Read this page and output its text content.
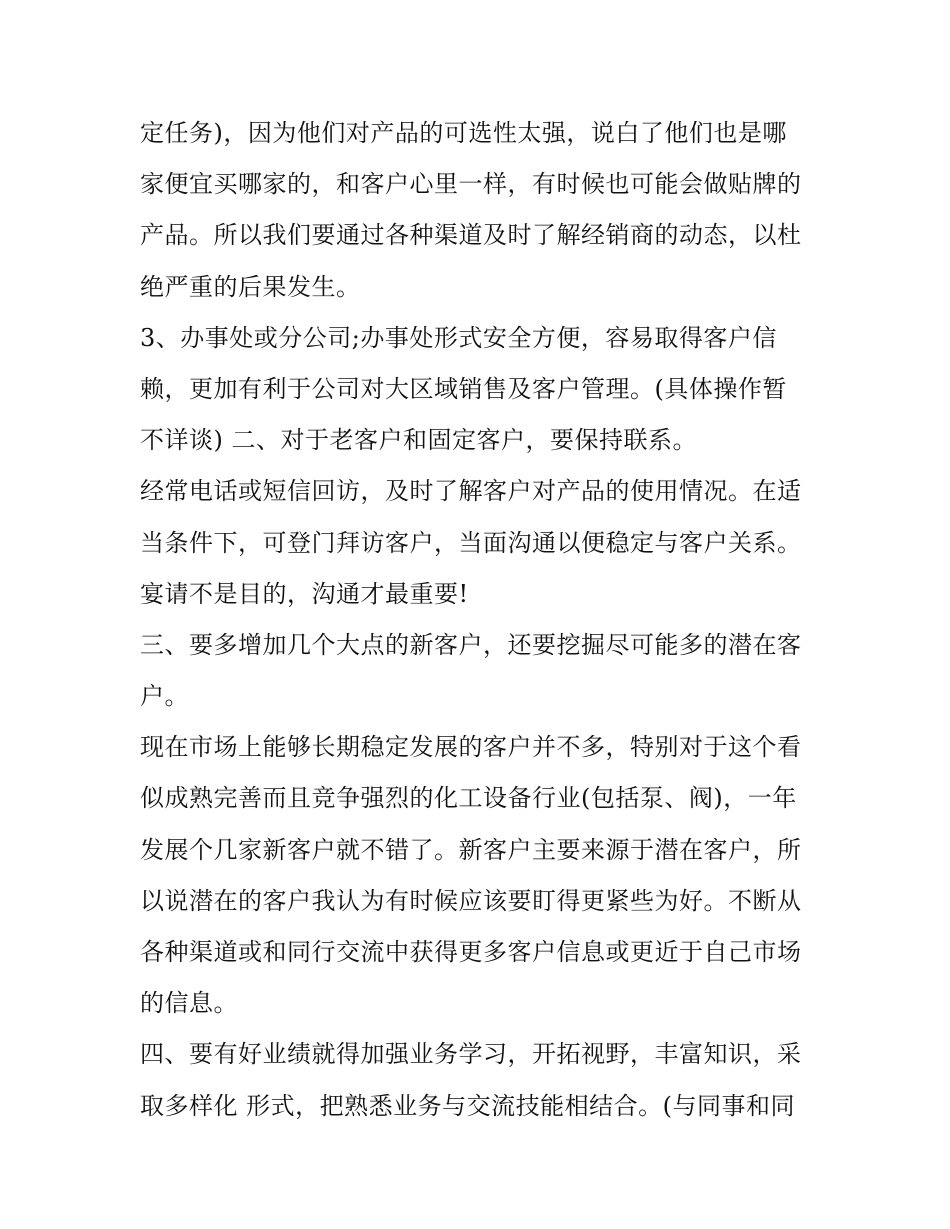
定任务)，因为他们对产品的可选性太强，说白了他们也是哪
家便宜买哪家的，和客户心里一样，有时候也可能会做贴牌的
产品。所以我们要通过各种渠道及时了解经销商的动态，以杜
绝严重的后果发生。
3、办事处或分公司;办事处形式安全方便，容易取得客户信
赖，更加有利于公司对大区域销售及客户管理。(具体操作暂
不详谈) 二、对于老客户和固定客户，要保持联系。
经常电话或短信回访，及时了解客户对产品的使用情况。在适
当条件下，可登门拜访客户，当面沟通以便稳定与客户关系。
宴请不是目的，沟通才最重要!
三、要多增加几个大点的新客户，还要挖掘尽可能多的潜在客
户。
现在市场上能够长期稳定发展的客户并不多，特别对于这个看
似成熟完善而且竞争强烈的化工设备行业(包括泵、阀)，一年
发展个几家新客户就不错了。新客户主要来源于潜在客户，所
以说潜在的客户我认为有时候应该要盯得更紧些为好。不断从
各种渠道或和同行交流中获得更多客户信息或更近于自己市场
的信息。
四、要有好业绩就得加强业务学习，开拓视野，丰富知识，采
取多样化 形式，把熟悉业务与交流技能相结合。(与同事和同
